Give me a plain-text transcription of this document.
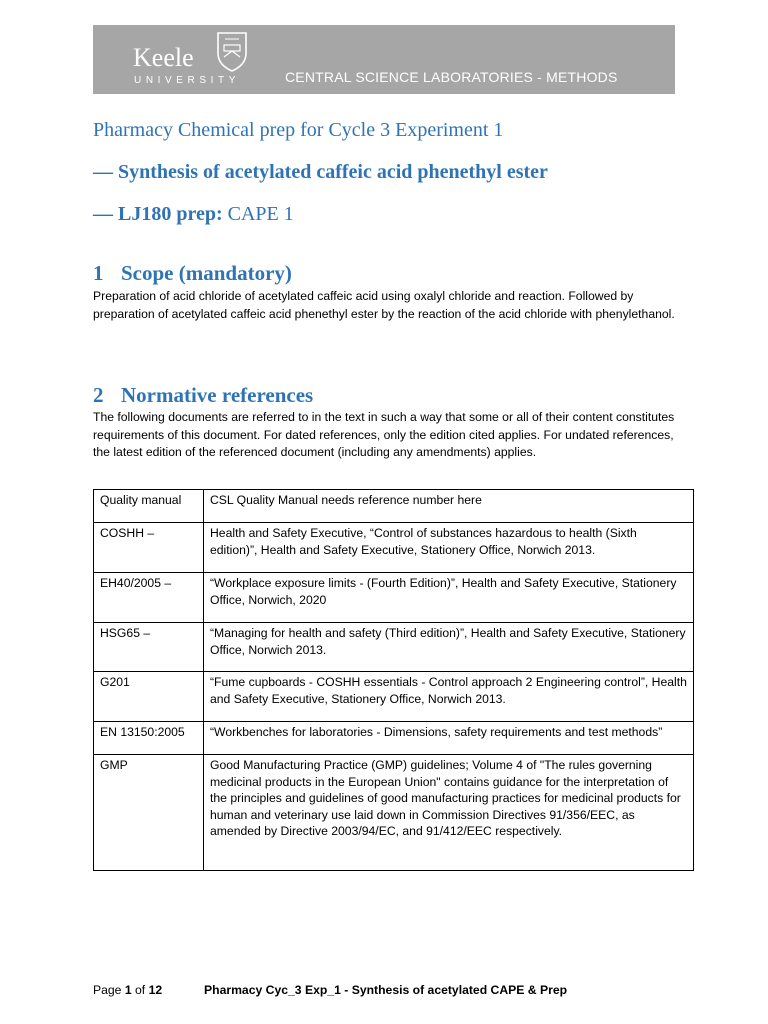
Keele
UNIVERSITY	CENTRAL SCIENCE LABORATORIES - METHODS
Pharmacy Chemical prep for Cycle 3 Experiment 1
— Synthesis of acetylated caffeic acid phenethyl ester
— LJ180 prep: CAPE 1
1 Scope (mandatory)

Preparation of acid chloride of acetylated caffeic acid using oxalyl chloride and reaction. Followed by preparation of acetylated caffeic acid phenethyl ester by the reaction of the acid chloride with phenylethanol.

2 Normative references

The following documents are referred to in the text in such a way that some or all of their content constitutes requirements of this document. For dated references, only the edition cited applies. For undated references, the latest edition of the referenced document (including any amendments) applies.

Quality manual	CSL Quality Manual needs reference number here
COSHH –	Health and Safety Executive, “Control of substances hazardous to health (Sixth edition)”, Health and Safety Executive, Stationery Office, Norwich 2013.
EH40/2005 –	“Workplace exposure limits - (Fourth Edition)”, Health and Safety Executive, Stationery Office, Norwich, 2020
HSG65 –	“Managing for health and safety (Third edition)”, Health and Safety Executive, Stationery Office, Norwich 2013.
G201	“Fume cupboards - COSHH essentials - Control approach 2 Engineering control”, Health and Safety Executive, Stationery Office, Norwich 2013.
EN 13150:2005	“Workbenches for laboratories - Dimensions, safety requirements and test methods”
GMP	Good Manufacturing Practice (GMP) guidelines; Volume 4 of "The rules governing medicinal products in the European Union" contains guidance for the interpretation of the principles and guidelines of good manufacturing practices for medicinal products for human and veterinary use laid down in Commission Directives 91/356/EEC, as amended by Directive 2003/94/EC, and 91/412/EEC respectively.
Page 1 of 12	Pharmacy Cyc_3 Exp_1 - Synthesis of acetylated CAPE & Prep
